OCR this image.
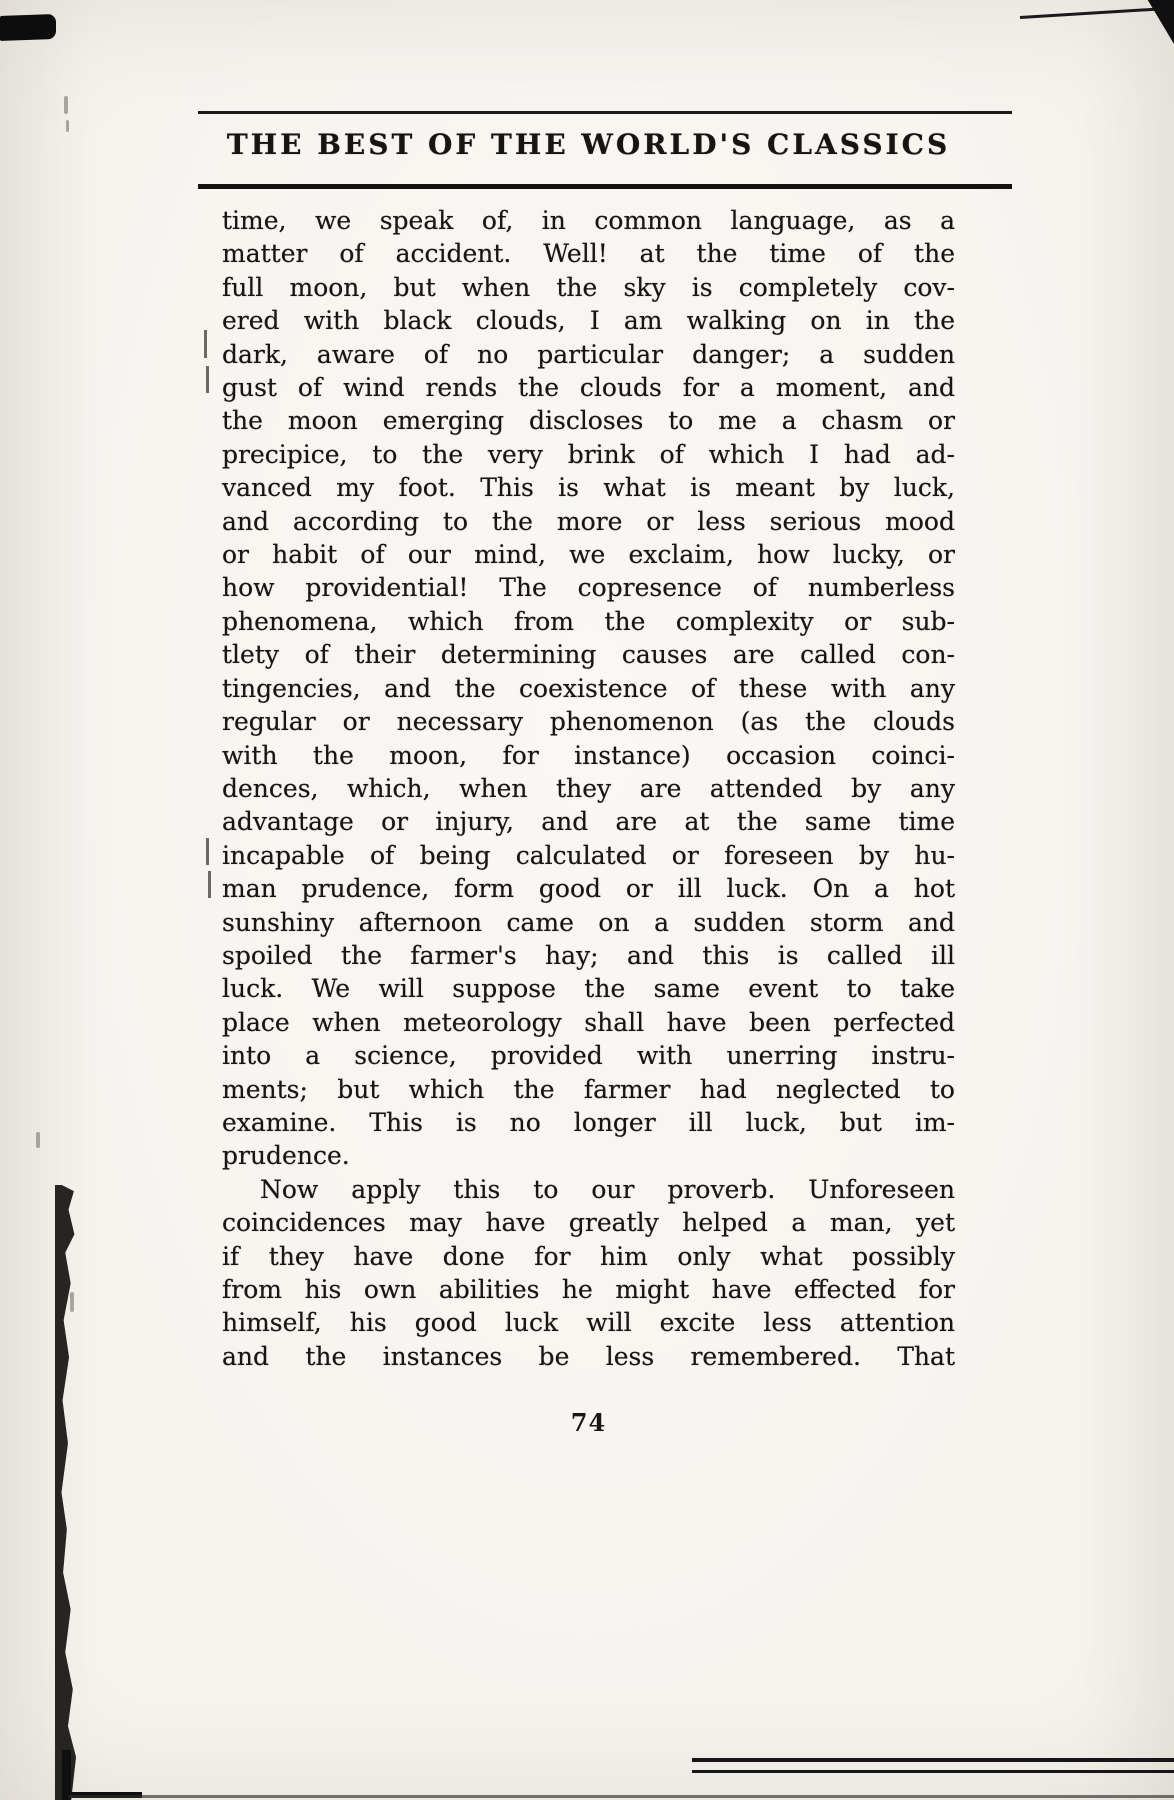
THE BEST OF THE WORLD'S CLASSICS
time, we speak of, in common language, as a
matter of accident. Well! at the time of the
full moon, but when the sky is completely cov-
ered with black clouds, I am walking on in the
dark, aware of no particular danger; a sudden
gust of wind rends the clouds for a moment, and
the moon emerging discloses to me a chasm or
precipice, to the very brink of which I had ad-
vanced my foot. This is what is meant by luck,
and according to the more or less serious mood
or habit of our mind, we exclaim, how lucky, or
how providential! The copresence of numberless
phenomena, which from the complexity or sub-
tlety of their determining causes are called con-
tingencies, and the coexistence of these with any
regular or necessary phenomenon (as the clouds
with the moon, for instance) occasion coinci-
dences, which, when they are attended by any
advantage or injury, and are at the same time
incapable of being calculated or foreseen by hu-
man prudence, form good or ill luck. On a hot
sunshiny afternoon came on a sudden storm and
spoiled the farmer's hay; and this is called ill
luck. We will suppose the same event to take
place when meteorology shall have been perfected
into a science, provided with unerring instru-
ments; but which the farmer had neglected to
examine. This is no longer ill luck, but im-
prudence.
Now apply this to our proverb. Unforeseen
coincidences may have greatly helped a man, yet
if they have done for him only what possibly
from his own abilities he might have effected for
himself, his good luck will excite less attention
and the instances be less remembered. That
74
